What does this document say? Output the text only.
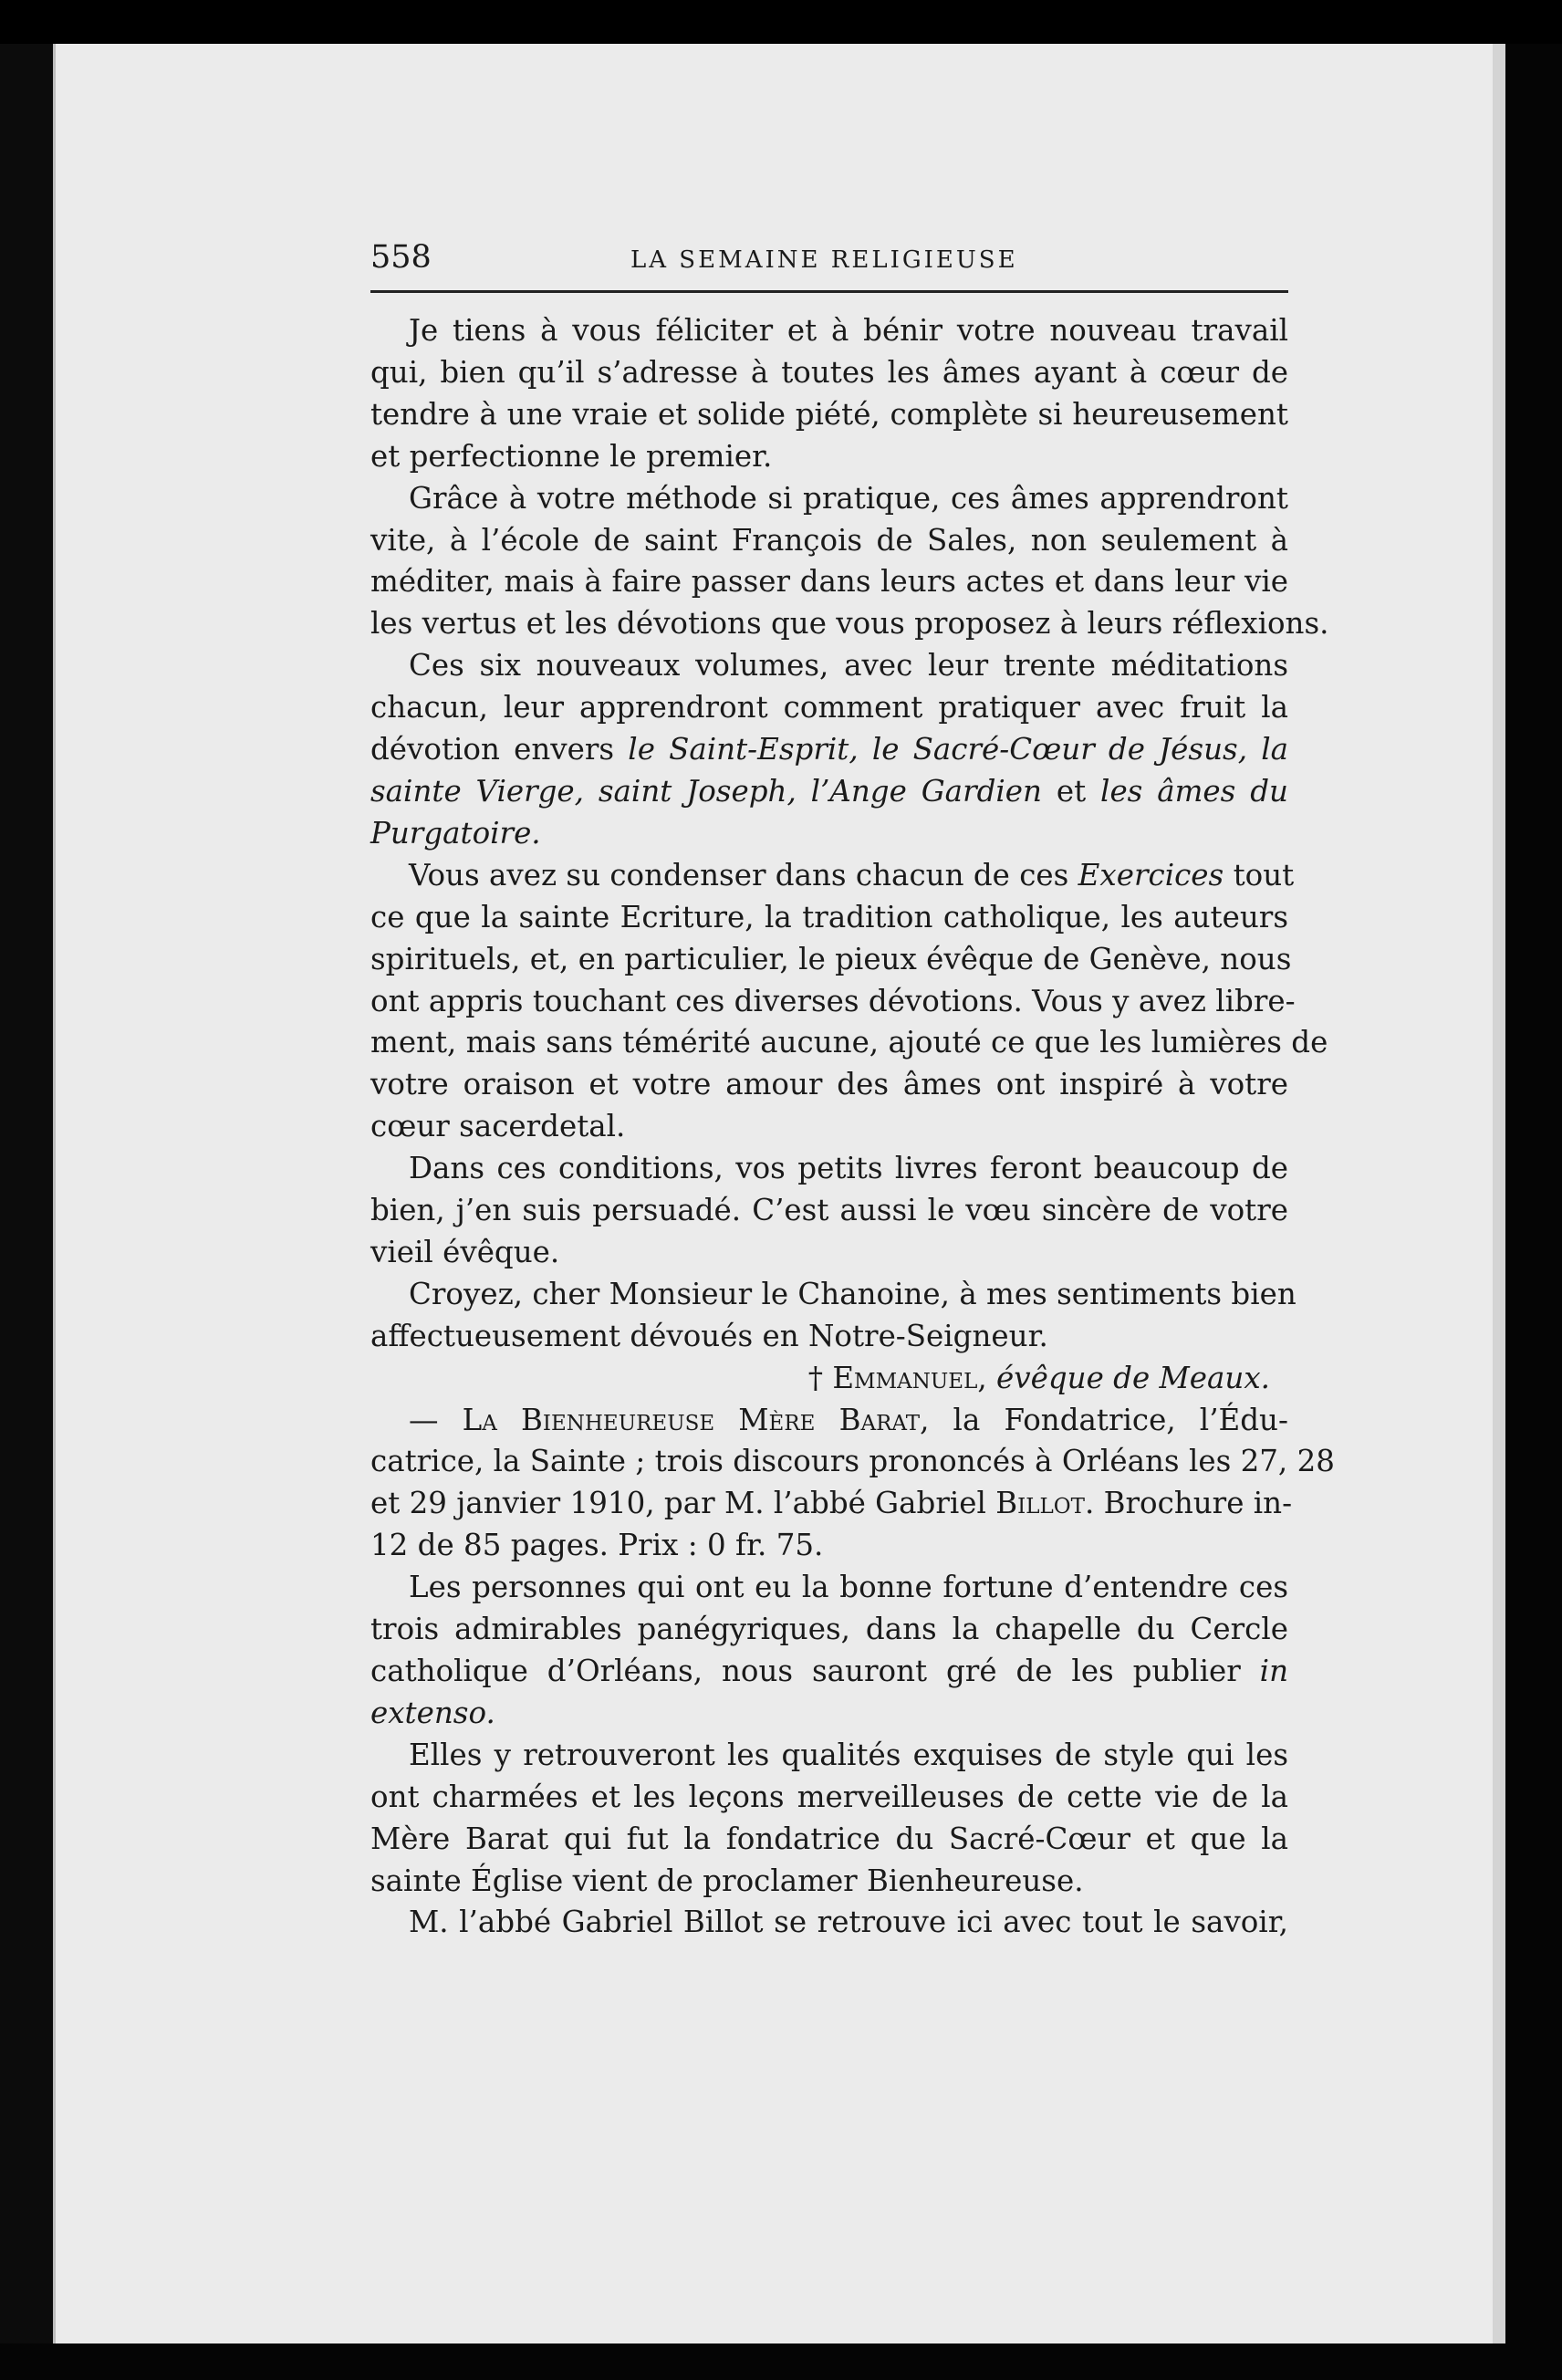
558	LA SEMAINE RELIGIEUSE

Je tiens à vous féliciter et à bénir votre nouveau travail
qui, bien qu’il s’adresse à toutes les âmes ayant à cœur de
tendre à une vraie et solide piété, complète si heureusement
et perfectionne le premier.

Grâce à votre méthode si pratique, ces âmes apprendront
vite, à l’école de saint François de Sales, non seulement à
méditer, mais à faire passer dans leurs actes et dans leur vie
les vertus et les dévotions que vous proposez à leurs réflexions.

Ces six nouveaux volumes, avec leur trente méditations
chacun, leur apprendront comment pratiquer avec fruit la
dévotion envers le Saint-Esprit, le Sacré-Cœur de Jésus, la
sainte Vierge, saint Joseph, l’Ange Gardien et les âmes du
Purgatoire.

Vous avez su condenser dans chacun de ces Exercices tout
ce que la sainte Ecriture, la tradition catholique, les auteurs
spirituels, et, en particulier, le pieux évêque de Genève, nous
ont appris touchant ces diverses dévotions. Vous y avez libre-
ment, mais sans témérité aucune, ajouté ce que les lumières de
votre oraison et votre amour des âmes ont inspiré à votre
cœur sacerdetal.

Dans ces conditions, vos petits livres feront beaucoup de
bien, j’en suis persuadé. C’est aussi le vœu sincère de votre
vieil évêque.

Croyez, cher Monsieur le Chanoine, à mes sentiments bien
affectueusement dévoués en Notre-Seigneur.

† Emmanuel, évêque de Meaux.

— La Bienheureuse Mère Barat, la Fondatrice, l’Édu-
catrice, la Sainte ; trois discours prononcés à Orléans les 27, 28
et 29 janvier 1910, par M. l’abbé Gabriel Billot. Brochure in-
12 de 85 pages. Prix : 0 fr. 75.

Les personnes qui ont eu la bonne fortune d’entendre ces
trois admirables panégyriques, dans la chapelle du Cercle
catholique d’Orléans, nous sauront gré de les publier in
extenso.

Elles y retrouveront les qualités exquises de style qui les
ont charmées et les leçons merveilleuses de cette vie de la
Mère Barat qui fut la fondatrice du Sacré-Cœur et que la
sainte Église vient de proclamer Bienheureuse.

M. l’abbé Gabriel Billot se retrouve ici avec tout le savoir,
